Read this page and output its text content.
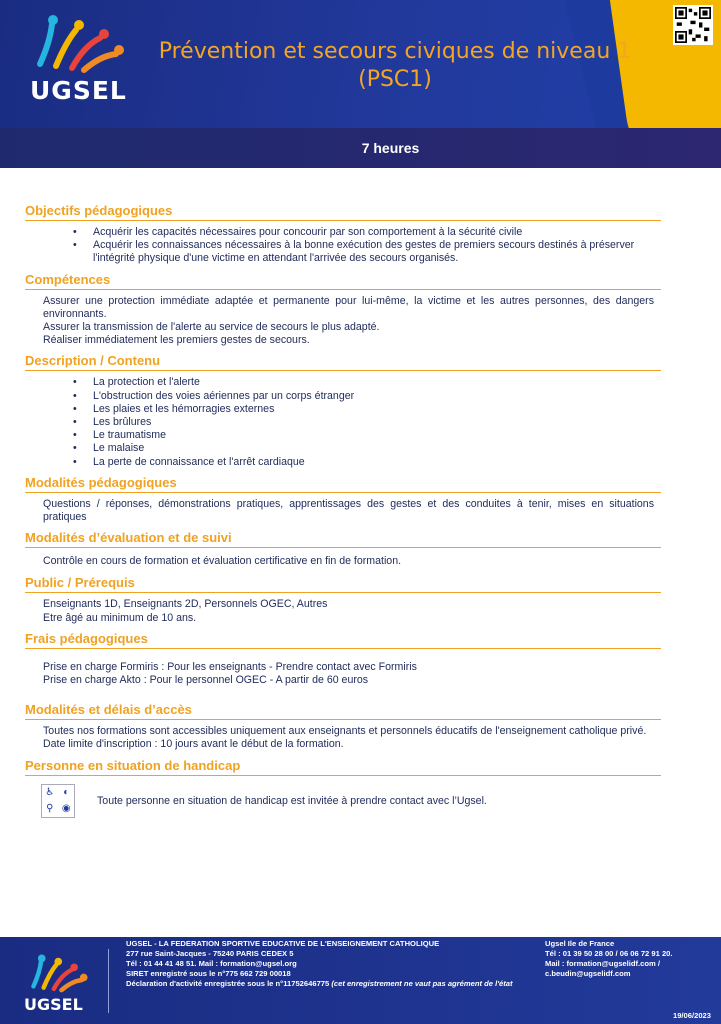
UGSEL
Prévention et secours civiques de niveau 1 (PSC1)
7 heures
Objectifs pédagogiques
• Acquérir les capacités nécessaires pour concourir par son comportement à la sécurité civile
• Acquérir les connaissances nécessaires à la bonne exécution des gestes de premiers secours destinés à préserver l'intégrité physique d'une victime en attendant l'arrivée des secours organisés.
Compétences

Assurer une protection immédiate adaptée et permanente pour lui-même, la victime et les autres personnes, des dangers environnants.

Assurer la transmission de l'alerte au service de secours le plus adapté.

Réaliser immédiatement les premiers gestes de secours.

Description / Contenu
• La protection et l'alerte
• L'obstruction des voies aériennes par un corps étranger
• Les plaies et les hémorragies externes
• Les brûlures
• Le traumatisme
• Le malaise
• La perte de connaissance et l'arrêt cardiaque
Modalités pédagogiques

Questions / réponses, démonstrations pratiques, apprentissages des gestes et des conduites à tenir, mises en situations pratiques

Modalités d’évaluation et de suivi

Contrôle en cours de formation et évaluation certificative en fin de formation.

Public / Prérequis

Enseignants 1D, Enseignants 2D, Personnels OGEC, Autres

Etre âgé au minimum de 10 ans.

Frais pédagogiques

Prise en charge Formiris : Pour les enseignants - Prendre contact avec Formiris

Prise en charge Akto : Pour le personnel OGEC - A partir de 60 euros

Modalités et délais d’accès

Toutes nos formations sont accessibles uniquement aux enseignants et personnels éducatifs de l'enseignement catholique privé.

Date limite d'inscription : 10 jours avant le début de la formation.

Personne en situation de handicap
♿ ◐
⚲ ◉
Toute personne en situation de handicap est invitée à prendre contact avec l’Ugsel.
UGSEL
UGSEL - LA FEDERATION SPORTIVE EDUCATIVE DE L'ENSEIGNEMENT CATHOLIQUE
277 rue Saint-Jacques - 75240 PARIS CEDEX 5
Tél : 01 44 41 48 51. Mail : formation@ugsel.org
SIRET enregistré sous le n°775 662 729 00018
Déclaration d'activité enregistrée sous le n°11752646775 (cet enregistrement ne vaut pas agrément de l'état
Ugsel Ile de France
Tél : 01 39 50 28 00 / 06 06 72 91 20.
Mail : formation@ugselidf.com / c.beudin@ugselidf.com
19/06/2023
